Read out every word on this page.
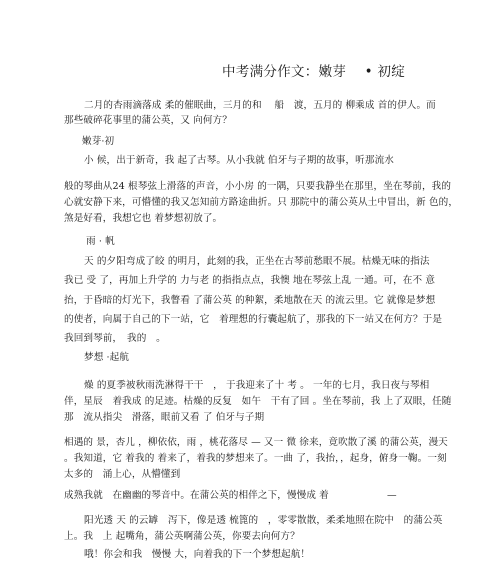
中考满分作文：嫩芽　 • 初绽
二月的杏雨滴落成 柔的催眠曲，三月的和　 船　渡，五月的 柳乘成 首的伊人。而
那些破碎花事里的蒲公英，又 向何方？
嫩芽·初
小 候，出于新奇，我 起了古琴。从小我就 伯牙与子期的故事，听那流水
般的琴曲从24 根琴弦上滑落的声音，小小房 的一隅，只要我静坐在那里，坐在琴前，我的
心就安静下来，可懵懂的我又怎知前方路途曲折。只 那院中的蒲公英从土中冒出，新 色的，
煞是好看，我想它也 着梦想初放了。
雨 · 帆
天 的夕阳弯成了皎 的明月，此刻的我，正坐在古琴前愁眼不展。枯燥无味的指法
我已 受 了，再加上升学的 力与老 的指指点点，我懊 地在琴弦上乱 一通。可，在不 意
抬，于昏暗的灯光下，我瞥看 了蒲公英 的种絮，柔地散在天 的流云里。它 就像是梦想
的使者，向属于自己的下一站，它　着理想的行囊起航了，那我的下一站又在何方？于是
我回到琴前，　我的　。
梦想 ·起航
燥 的夏季被秋雨洗淋得干干　， 于我迎来了十 考 。 一年的七月，我日夜与琴相
伴，星辰　着我成 的足迹。枯燥的反复　如午　干有了回 。坐在琴前，我 上了双眼，任随
那　流从指尖　滑落，眼前又看 了 伯牙与子期
相遇的 景，杏儿 ，柳依依，雨 ，桃花落尽 — 又一 微 徐来，竟吹散了溪 的蒲公英，漫天
。我知道，它 着我的 着来了，着我的梦想来了。一曲 了，我抬，，起身，俯身一鞠。一刻
太多的　涌上心，从懵懂到
成熟我就　在幽幽的琴音中。在蒲公英的相伴之下，慢慢成 着　　　　　　—
阳光透 天 的云罅　泻下，像是透 梳篦的　，零零散散，柔柔地照在院中　的蒲公英
上。我　上 起嘴角，蒲公英啊蒲公英，你要去向何方？
哦！你会和我　慢慢 大，向着我的下一个梦想起航！
